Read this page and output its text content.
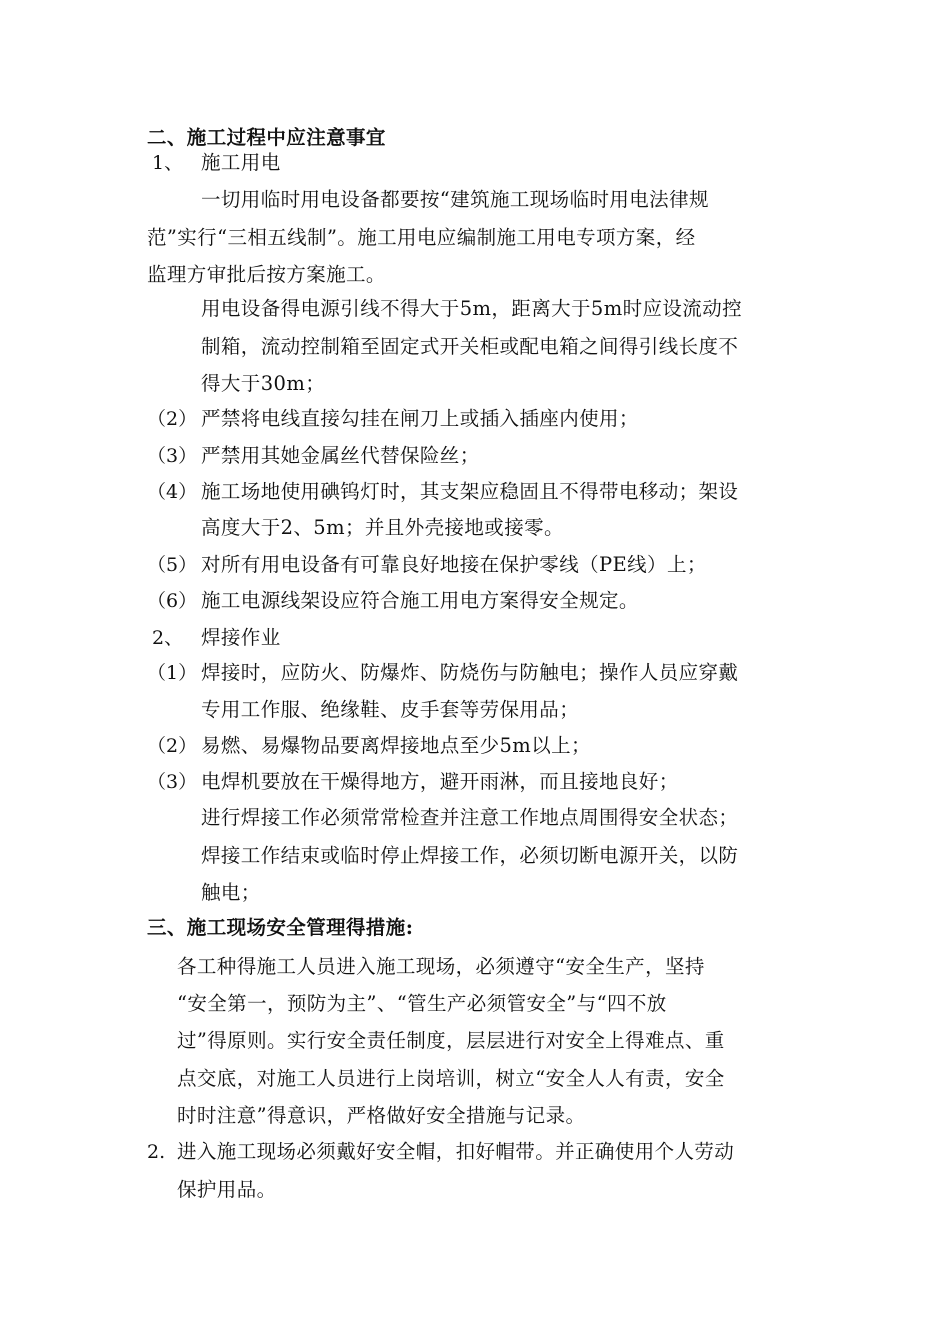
二、施工过程中应注意事宜
1、 施工用电
一切用临时用电设备都要按“建筑施工现场临时用电法律规
范”实行“三相五线制”。施工用电应编制施工用电专项方案，经
监理方审批后按方案施工。
用电设备得电源引线不得大于5m，距离大于5m时应设流动控
制箱，流动控制箱至固定式开关柜或配电箱之间得引线长度不
得大于30m；
（2） 严禁将电线直接勾挂在闸刀上或插入插座内使用；
（3） 严禁用其她金属丝代替保险丝；
（4） 施工场地使用碘钨灯时，其支架应稳固且不得带电移动；架设
高度大于2、5m；并且外壳接地或接零。
（5） 对所有用电设备有可靠良好地接在保护零线（PE线）上；
（6） 施工电源线架设应符合施工用电方案得安全规定。
2、 焊接作业
（1） 焊接时，应防火、防爆炸、防烧伤与防触电；操作人员应穿戴
专用工作服、绝缘鞋、皮手套等劳保用品；
（2） 易燃、易爆物品要离焊接地点至少5m以上；
（3） 电焊机要放在干燥得地方，避开雨淋，而且接地良好；
进行焊接工作必须常常检查并注意工作地点周围得安全状态；
焊接工作结束或临时停止焊接工作，必须切断电源开关，以防
触电；
三、施工现场安全管理得措施:
各工种得施工人员进入施工现场，必须遵守“安全生产，坚持
“安全第一，预防为主”、“管生产必须管安全”与“四不放
过”得原则。实行安全责任制度，层层进行对安全上得难点、重
点交底，对施工人员进行上岗培训，树立“安全人人有责，安全
时时注意”得意识，严格做好安全措施与记录。
2. 进入施工现场必须戴好安全帽，扣好帽带。并正确使用个人劳动
保护用品。
